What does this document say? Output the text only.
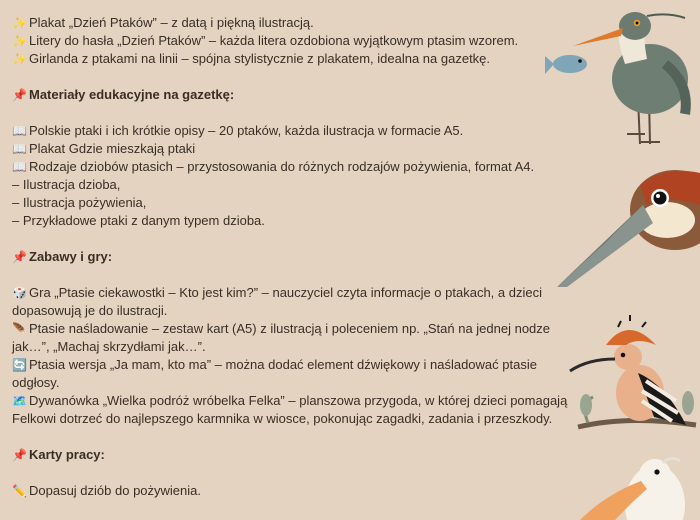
✨ Plakat „Dzień Ptaków” – z datą i piękną ilustracją.
✨ Litery do hasła „Dzień Ptaków” – każda litera ozdobiona wyjątkowym ptasim wzorem.
✨ Girlanda z ptakami na linii – spójna stylistycznie z plakatem, idealna na gazetkę.
📌 Materiały edukacyjne na gazetkę:
📖 Polskie ptaki i ich krótkie opisy – 20 ptaków, każda ilustracja w formacie A5.
📖 Plakat Gdzie mieszkają ptaki
📖 Rodzaje dziobów ptasich – przystosowania do różnych rodzajów pożywienia, format A4.
– Ilustracja dzioba,
– Ilustracja pożywienia,
– Przykładowe ptaki z danym typem dzioba.
📌 Zabawy i gry:
🎲 Gra „Ptasie ciekawostki – Kto jest kim?” – nauczyciel czyta informacje o ptakach, a dzieci dopasowują je do ilustracji.
🪶 Ptasie naśladowanie – zestaw kart (A5) z ilustracją i poleceniem np. „Stań na jednej nodze jak…”, „Machaj skrzydłami jak…”.
🔄 Ptasia wersja „Ja mam, kto ma” – można dodać element dźwiękowy i naśladować ptasie odgłosy.
🗺️ Dywanówka „Wielka podróż wróbelka Felka” – planszowa przygoda, w której dzieci pomagają Felkowi dotrzeć do najlepszego karmnika w wiosce, pokonując zagadki, zadania i przeszkody.
📌 Karty pracy:
✏️ Dopasuj dziób do pożywienia.
